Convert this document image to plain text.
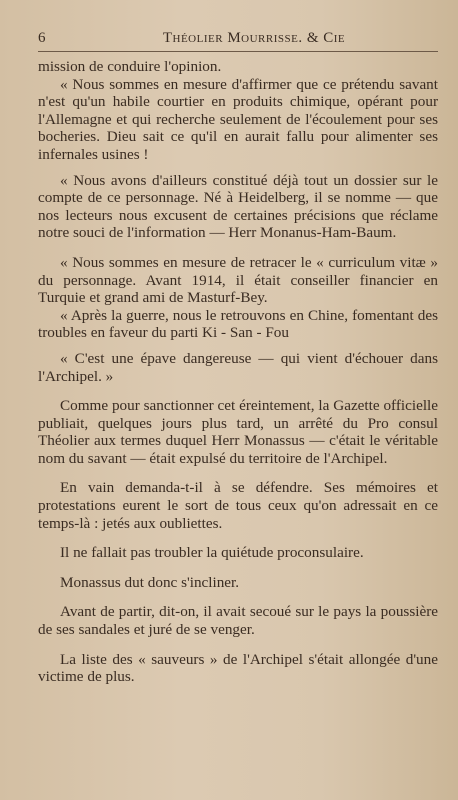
6	Théolier Mourrisse. & Cie

mission de conduire l'opinion.

« Nous sommes en mesure d'affirmer que ce prétendu savant n'est qu'un habile courtier en produits chimique, opérant pour l'Allemagne et qui recherche seulement de l'écoulement pour ses bocheries. Dieu sait ce qu'il en aurait fallu pour alimenter ses infernales usines !

« Nous avons d'ailleurs constitué déjà tout un dossier sur le compte de ce personnage. Né à Heidelberg, il se nomme — que nos lecteurs nous excusent de certaines précisions que réclame notre souci de l'information — Herr Monanus-Ham-Baum.

« Nous sommes en mesure de retracer le « curriculum vitæ » du personnage. Avant 1914, il était conseiller financier en Turquie et grand ami de Masturf-Bey.

« Après la guerre, nous le retrouvons en Chine, fomentant des troubles en faveur du parti Ki - San - Fou

« C'est une épave dangereuse — qui vient d'échouer dans l'Archipel. »

Comme pour sanctionner cet éreintement, la Gazette officielle publiait, quelques jours plus tard, un arrêté du Pro consul Théolier aux termes duquel Herr Monassus — c'était le véritable nom du savant — était expulsé du territoire de l'Archipel.

En vain demanda-t-il à se défendre. Ses mémoires et protestations eurent le sort de tous ceux qu'on adressait en ce temps-là : jetés aux oubliettes.

Il ne fallait pas troubler la quiétude proconsulaire.

Monassus dut donc s'incliner.

Avant de partir, dit-on, il avait secoué sur le pays la poussière de ses sandales et juré de se venger.

La liste des « sauveurs » de l'Archipel s'était allongée d'une victime de plus.
